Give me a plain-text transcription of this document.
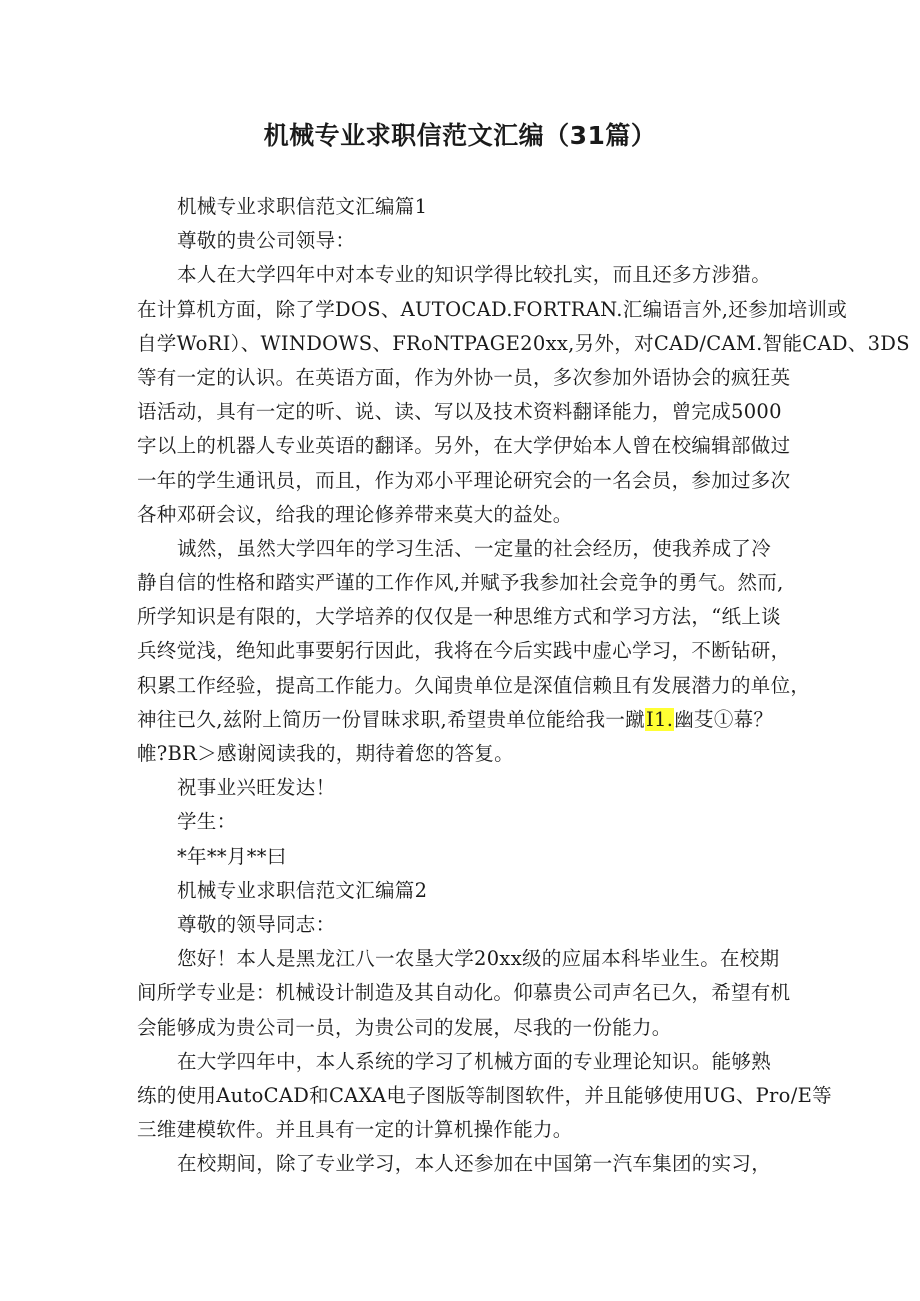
机械专业求职信范文汇编（31篇）
机械专业求职信范文汇编篇1
尊敬的贵公司领导：
本人在大学四年中对本专业的知识学得比较扎实，而且还多方涉猎。
在计算机方面，除了学DOS、AUTOCAD.FORTRAN.汇编语言外,还参加培训或
自学WoRI）、WINDOWS、FRoNTPAGE20xx,另外，对CAD/CAM.智能CAD、3DS
等有一定的认识。在英语方面，作为外协一员，多次参加外语协会的疯狂英
语活动，具有一定的听、说、读、写以及技术资料翻译能力，曾完成5000
字以上的机器人专业英语的翻译。另外，在大学伊始本人曾在校编辑部做过
一年的学生通讯员，而且，作为邓小平理论研究会的一名会员，参加过多次
各种邓研会议，给我的理论修养带来莫大的益处。
诚然，虽然大学四年的学习生活、一定量的社会经历，使我养成了冷
静自信的性格和踏实严谨的工作作风,并赋予我参加社会竞争的勇气。然而,
所学知识是有限的，大学培养的仅仅是一种思维方式和学习方法，“纸上谈
兵终觉浅，绝知此事要躬行因此，我将在今后实践中虚心学习，不断钻研，
积累工作经验，提高工作能力。久闻贵单位是深值信赖且有发展潜力的单位，
神往已久,兹附上简历一份冒昧求职,希望贵单位能给我一蹴I1.幽芟①幕？
帷?BR＞感谢阅读我的，期待着您的答复。
祝事业兴旺发达！
学生：
*年**月**曰
机械专业求职信范文汇编篇2
尊敬的领导同志：
您好！本人是黑龙江八一农垦大学20xx级的应届本科毕业生。在校期
间所学专业是：机械设计制造及其自动化。仰慕贵公司声名已久，希望有机
会能够成为贵公司一员，为贵公司的发展，尽我的一份能力。
在大学四年中，本人系统的学习了机械方面的专业理论知识。能够熟
练的使用AutoCAD和CAXA电子图版等制图软件，并且能够使用UG、Pro/E等
三维建模软件。并且具有一定的计算机操作能力。
在校期间，除了专业学习，本人还参加在中国第一汽车集团的实习，
